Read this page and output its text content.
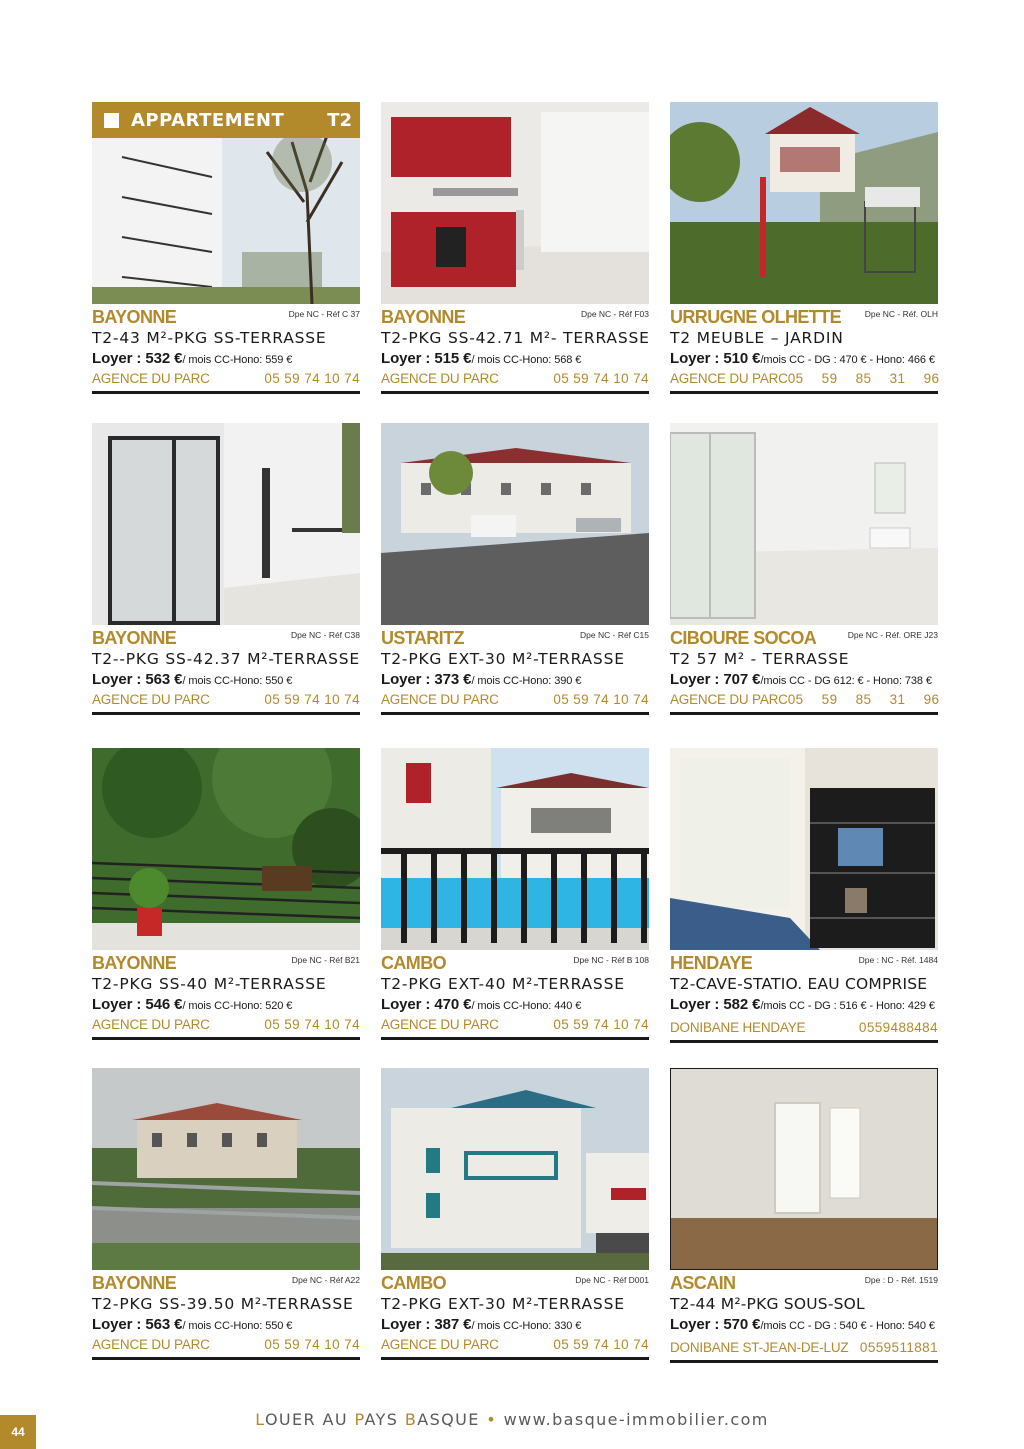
APPARTEMENT T2
BAYONNE	Dpe NC - Réf C 37
T2-43 M²-PKG SS-TERRASSE
Loyer : 532 €/ mois CC-Hono: 559 €
AGENCE DU PARC	05 59 74 10 74
BAYONNE	Dpe NC - Réf F03
T2-PKG SS-42.71 M²- TERRASSE
Loyer : 515 €/ mois CC-Hono: 568 €
AGENCE DU PARC	05 59 74 10 74
URRUGNE OLHETTE	Dpe NC - Réf. OLH
T2 MEUBLE – JARDIN
Loyer : 510 €/mois CC - DG : 470 € - Hono: 466 €
AGENCE DU PARC 05 59 85 31 96
BAYONNE	Dpe NC - Réf C38
T2--PKG SS-42.37 M²-TERRASSE
Loyer : 563 €/ mois CC-Hono: 550 €
AGENCE DU PARC	05 59 74 10 74
USTARITZ	Dpe NC - Réf C15
T2-PKG EXT-30 M²-TERRASSE
Loyer : 373 €/ mois CC-Hono: 390 €
AGENCE DU PARC	05 59 74 10 74
CIBOURE SOCOA	Dpe NC - Réf. ORE J23
T2 57 M² - TERRASSE
Loyer : 707 €/mois CC - DG 612: € - Hono: 738 €
AGENCE DU PARC 05 59 85 31 96
BAYONNE	Dpe NC - Réf B21
T2-PKG SS-40 M²-TERRASSE
Loyer : 546 €/ mois CC-Hono: 520 €
AGENCE DU PARC	05 59 74 10 74
CAMBO	Dpe NC - Réf B 108
T2-PKG EXT-40 M²-TERRASSE
Loyer : 470 €/ mois CC-Hono: 440 €
AGENCE DU PARC	05 59 74 10 74
HENDAYE	Dpe : NC - Réf. 1484
T2-CAVE-STATIO. EAU COMPRISE
Loyer : 582 €/mois CC - DG : 516 € - Hono: 429 €
DONIBANE HENDAYE	0559488484
BAYONNE	Dpe NC - Réf A22
T2-PKG SS-39.50 M²-TERRASSE
Loyer : 563 €/ mois CC-Hono: 550 €
AGENCE DU PARC	05 59 74 10 74
CAMBO	Dpe NC - Réf D001
T2-PKG EXT-30 M²-TERRASSE
Loyer : 387 €/ mois CC-Hono: 330 €
AGENCE DU PARC	05 59 74 10 74
ASCAIN	Dpe : D - Réf. 1519
T2-44 M²-PKG SOUS-SOL
Loyer : 570 €/mois CC - DG : 540 € - Hono: 540 €
DONIBANE ST-JEAN-DE-LUZ 0559511881
LOUER AU PAYS BASQUE • www.basque-immobilier.com
44
